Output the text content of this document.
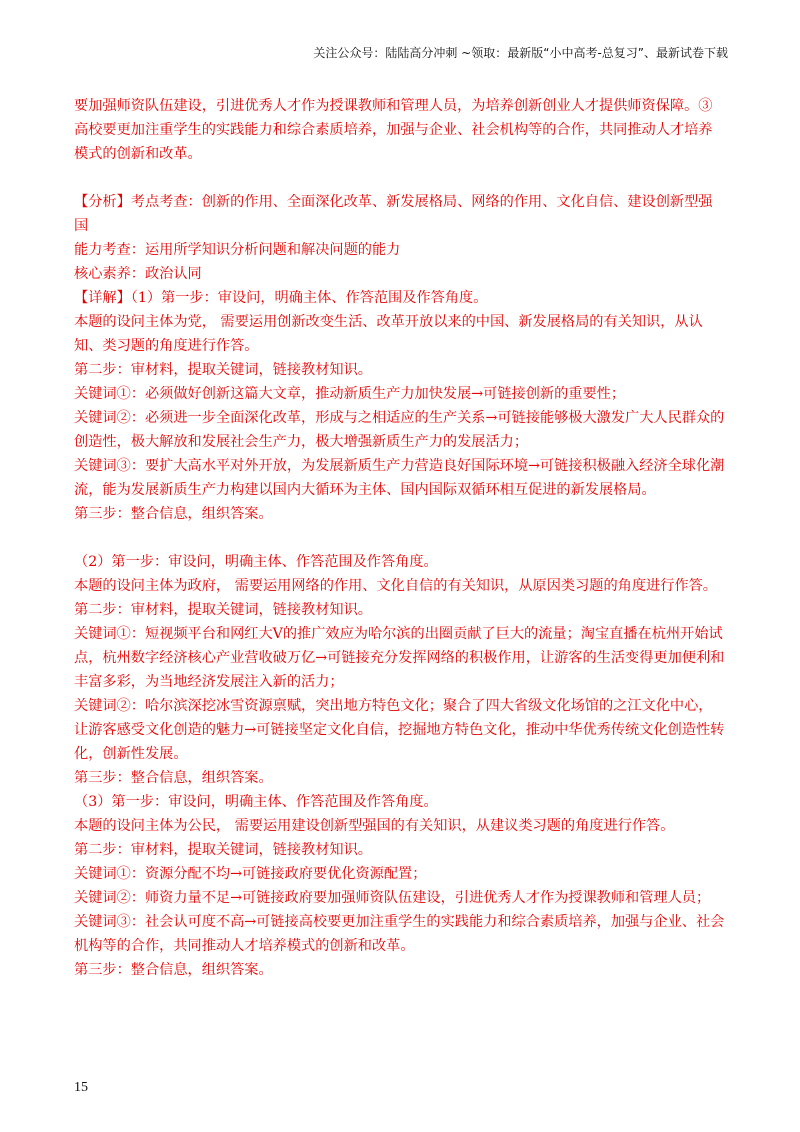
关注公众号：陆陆高分冲刺 ~领取：最新版“小中高考-总复习”、最新试卷下载

要加强师资队伍建设，引进优秀人才作为授课教师和管理人员，为培养创新创业人才提供师资保障。③高校要更加注重学生的实践能力和综合素质培养，加强与企业、社会机构等的合作，共同推动人才培养模式的创新和改革。

【分析】考点考查：创新的作用、全面深化改革、新发展格局、网络的作用、文化自信、建设创新型强国

能力考查：运用所学知识分析问题和解决问题的能力

核心素养：政治认同

【详解】（1）第一步：审设问，明确主体、作答范围及作答角度。

本题的设问主体为党， 需要运用创新改变生活、改革开放以来的中国、新发展格局的有关知识，从认知、类习题的角度进行作答。

第二步：审材料，提取关键词，链接教材知识。

关键词①：必须做好创新这篇大文章，推动新质生产力加快发展→可链接创新的重要性；

关键词②：必须进一步全面深化改革，形成与之相适应的生产关系→可链接能够极大激发广大人民群众的创造性，极大解放和发展社会生产力，极大增强新质生产力的发展活力；

关键词③：要扩大高水平对外开放，为发展新质生产力营造良好国际环境→可链接积极融入经济全球化潮流，能为发展新质生产力构建以国内大循环为主体、国内国际双循环相互促进的新发展格局。

第三步：整合信息，组织答案。

（2）第一步：审设问，明确主体、作答范围及作答角度。

本题的设问主体为政府， 需要运用网络的作用、文化自信的有关知识，从原因类习题的角度进行作答。

第二步：审材料，提取关键词，链接教材知识。

关键词①：短视频平台和网红大V的推广效应为哈尔滨的出圈贡献了巨大的流量；淘宝直播在杭州开始试点，杭州数字经济核心产业营收破万亿→可链接充分发挥网络的积极作用，让游客的生活变得更加便利和丰富多彩，为当地经济发展注入新的活力；

关键词②：哈尔滨深挖冰雪资源禀赋，突出地方特色文化；聚合了四大省级文化场馆的之江文化中心，让游客感受文化创造的魅力→可链接坚定文化自信，挖掘地方特色文化，推动中华优秀传统文化创造性转化，创新性发展。

第三步：整合信息，组织答案。

（3）第一步：审设问，明确主体、作答范围及作答角度。

本题的设问主体为公民， 需要运用建设创新型强国的有关知识，从建议类习题的角度进行作答。

第二步：审材料，提取关键词，链接教材知识。

关键词①：资源分配不均→可链接政府要优化资源配置；

关键词②：师资力量不足→可链接政府要加强师资队伍建设，引进优秀人才作为授课教师和管理人员；

关键词③：社会认可度不高→可链接高校要更加注重学生的实践能力和综合素质培养，加强与企业、社会机构等的合作，共同推动人才培养模式的创新和改革。

第三步：整合信息，组织答案。

15
